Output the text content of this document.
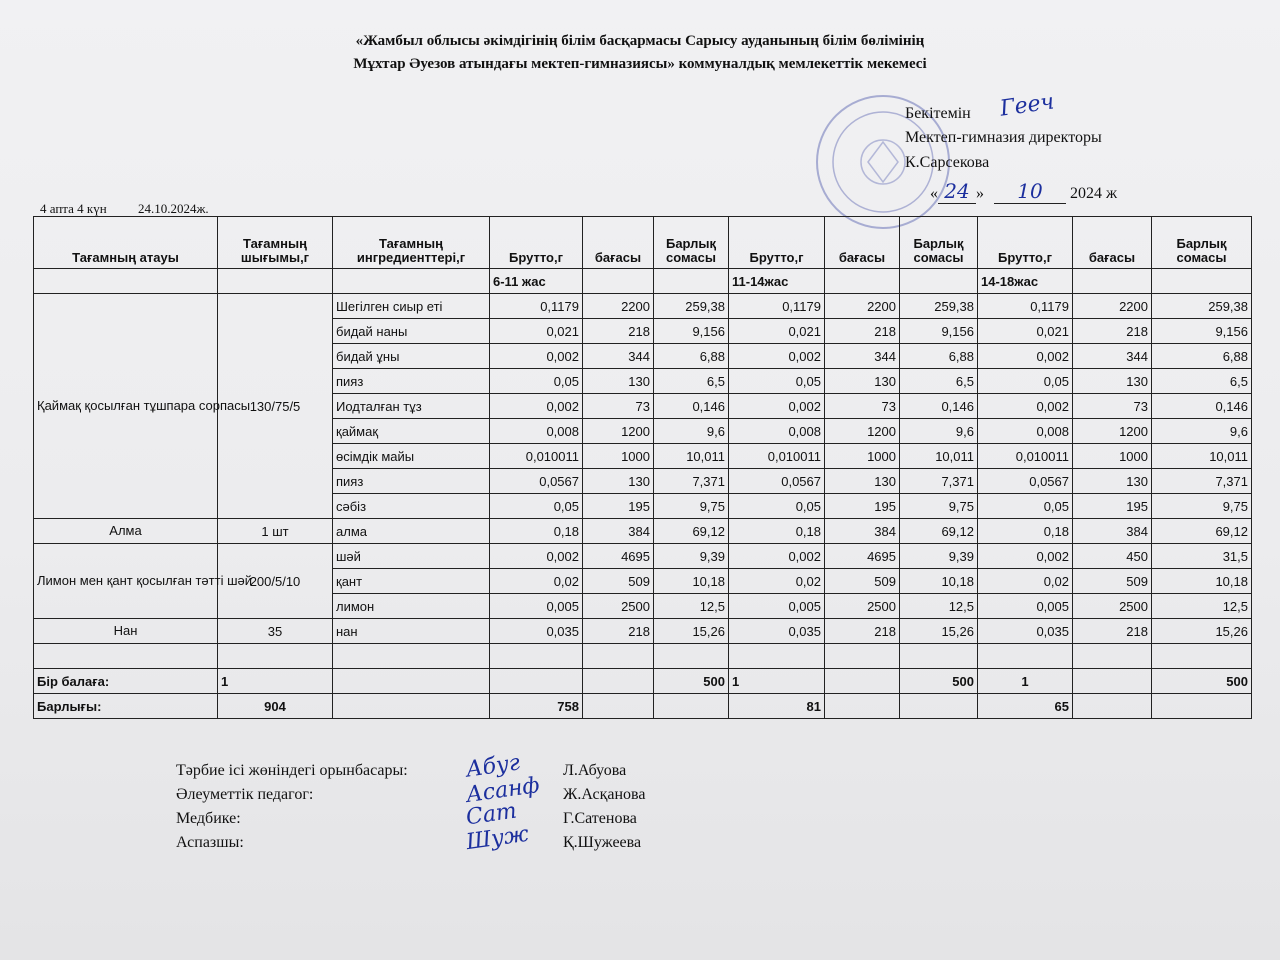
«Жамбыл облысы әкімдігінің білім басқармасы Сарысу ауданының білім бөлімінің
Мұхтар Әуезов атындағы мектеп-гимназиясы» коммуналдық мемлекеттік мекемесі
Бекітемін Гееч
Мектеп-гимназия директоры
К.Сарсекова
« 24 » 10 2024 ж
4 апта 4 күн 24.10.2024ж.
Тағамның атауы	Тағамның шығымы,г	Тағамның ингредиенттері,г	Брутто,г	бағасы	Барлық сомасы	Брутто,г	бағасы	Барлық сомасы	Брутто,г	бағасы	Барлық сомасы
			6-11 жас			11-14жас			14-18жас		
Қаймақ қосылған тұшпара сорпасы	130/75/5	Шегілген сиыр еті	0,1179	2200	259,38	0,1179	2200	259,38	0,1179	2200	259,38
		бидай наны	0,021	218	9,156	0,021	218	9,156	0,021	218	9,156
		бидай ұны	0,002	344	6,88	0,002	344	6,88	0,002	344	6,88
		пияз	0,05	130	6,5	0,05	130	6,5	0,05	130	6,5
		Иодталған тұз	0,002	73	0,146	0,002	73	0,146	0,002	73	0,146
		қаймақ	0,008	1200	9,6	0,008	1200	9,6	0,008	1200	9,6
		өсімдік майы	0,010011	1000	10,011	0,010011	1000	10,011	0,010011	1000	10,011
		пияз	0,0567	130	7,371	0,0567	130	7,371	0,0567	130	7,371
		сәбіз	0,05	195	9,75	0,05	195	9,75	0,05	195	9,75
Алма	1 шт	алма	0,18	384	69,12	0,18	384	69,12	0,18	384	69,12
Лимон мен қант қосылған тәтті шәй	200/5/10	шәй	0,002	4695	9,39	0,002	4695	9,39	0,002	450	31,5
		қант	0,02	509	10,18	0,02	509	10,18	0,02	509	10,18
		лимон	0,005	2500	12,5	0,005	2500	12,5	0,005	2500	12,5
Нан	35	нан	0,035	218	15,26	0,035	218	15,26	0,035	218	15,26

Бір балаға:	1				500	1		500	1		500
Барлығы:	904		758			81			65		
Тәрбие ісі жөніндегі орынбасары:	Абуг	Л.Абуова
Әлеуметтік педагог:	Асанф Ж.Асқанова
Медбике:	Сат	Г.Сатенова
Аспазшы:	Шуж Қ.Шужеева
